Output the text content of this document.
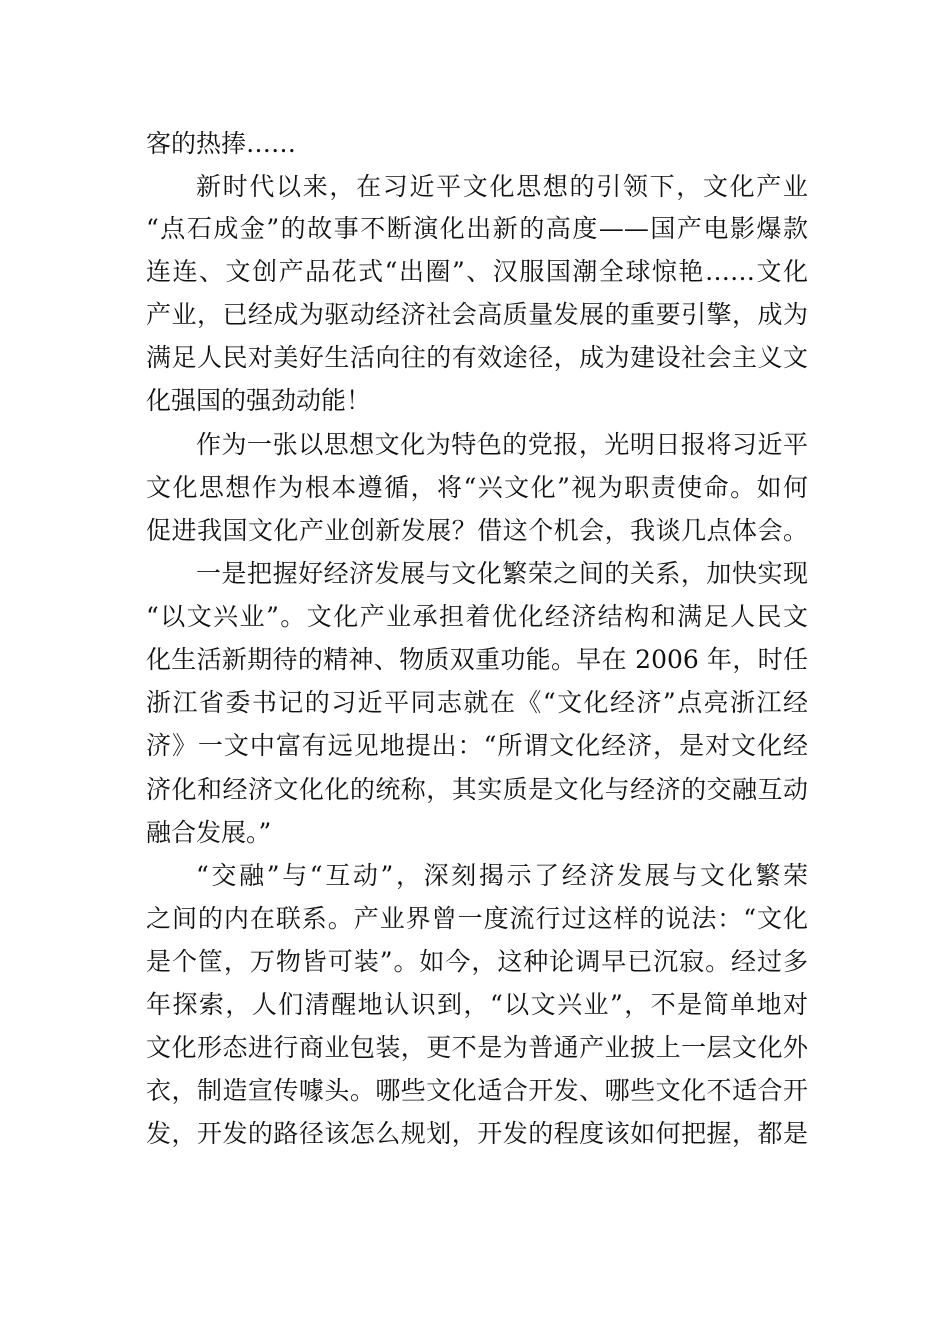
客的热捧……
新时代以来，在习近平文化思想的引领下，文化产业
“点石成金”的故事不断演化出新的高度——国产电影爆款
连连、文创产品花式“出圈”、汉服国潮全球惊艳……文化
产业，已经成为驱动经济社会高质量发展的重要引擎，成为
满足人民对美好生活向往的有效途径，成为建设社会主义文
化强国的强劲动能！
作为一张以思想文化为特色的党报，光明日报将习近平
文化思想作为根本遵循，将“兴文化”视为职责使命。如何
促进我国文化产业创新发展？借这个机会，我谈几点体会。
一是把握好经济发展与文化繁荣之间的关系，加快实现
“以文兴业”。文化产业承担着优化经济结构和满足人民文
化生活新期待的精神、物质双重功能。早在 2006 年，时任
浙江省委书记的习近平同志就在《“文化经济”点亮浙江经
济》一文中富有远见地提出：“所谓文化经济，是对文化经
济化和经济文化化的统称，其实质是文化与经济的交融互动
融合发展。”
“交融”与“互动”，深刻揭示了经济发展与文化繁荣
之间的内在联系。产业界曾一度流行过这样的说法：“文化
是个筐，万物皆可装”。如今，这种论调早已沉寂。经过多
年探索，人们清醒地认识到，“以文兴业”，不是简单地对
文化形态进行商业包装，更不是为普通产业披上一层文化外
衣，制造宣传噱头。哪些文化适合开发、哪些文化不适合开
发，开发的路径该怎么规划，开发的程度该如何把握，都是
